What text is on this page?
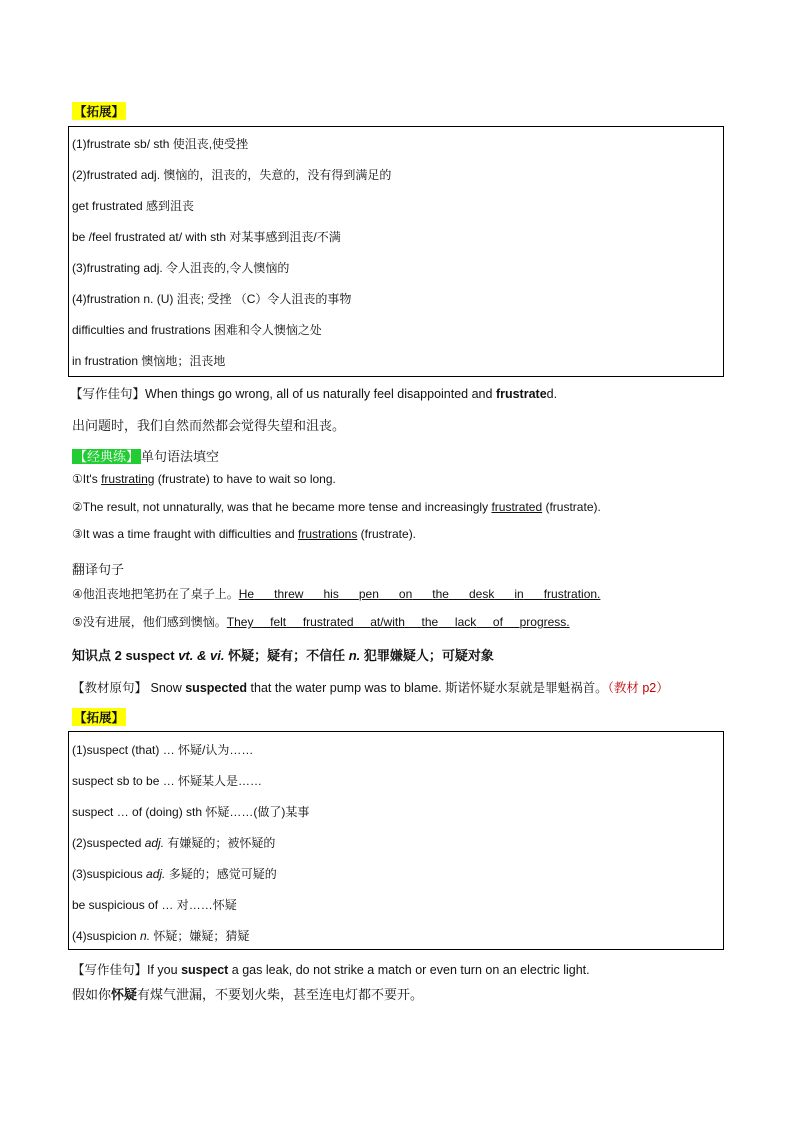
【拓展】
(1)frustrate sb/ sth 使沮丧,使受挫
(2)frustrated adj. 懊恼的，沮丧的，失意的，没有得到满足的
get frustrated 感到沮丧
be /feel frustrated at/ with sth 对某事感到沮丧/不满
(3)frustrating adj. 令人沮丧的,令人懊恼的
(4)frustration n. (U) 沮丧; 受挫 （C）令人沮丧的事物
difficulties and frustrations 困难和令人懊恼之处
in frustration 懊恼地；沮丧地
【写作佳句】When things go wrong, all of us naturally feel disappointed and frustrated.
出问题时，我们自然而然都会觉得失望和沮丧。
【经典练】 单句语法填空
①It's frustrating (frustrate) to have to wait so long.
②The result, not unnaturally, was that he became more tense and increasingly frustrated (frustrate).
③It was a time fraught with difficulties and frustrations (frustrate).
翻译句子
④他沮丧地把笔扔在了桌子上。He threw his pen on the desk in frustration.
⑤没有进展，他们感到懊恼。They felt frustrated at/with the lack of progress.
知识点 2 suspect vt. & vi. 怀疑；疑有；不信任 n. 犯罪嫌疑人；可疑对象
【教材原句】 Snow suspected that the water pump was to blame. 斯诺怀疑水泵就是罪魁祸首。（教材 p2）
【拓展】
(1)suspect (that) … 怀疑/认为……
suspect sb to be … 怀疑某人是……
suspect … of (doing) sth 怀疑……(做了)某事
(2)suspected adj. 有嫌疑的；被怀疑的
(3)suspicious adj. 多疑的；感觉可疑的
be suspicious of … 对……怀疑
(4)suspicion n. 怀疑；嫌疑；猜疑
【写作佳句】If you suspect a gas leak, do not strike a match or even turn on an electric light.
假如你怀疑有煤气泄漏，不要划火柴，甚至连电灯都不要开。
